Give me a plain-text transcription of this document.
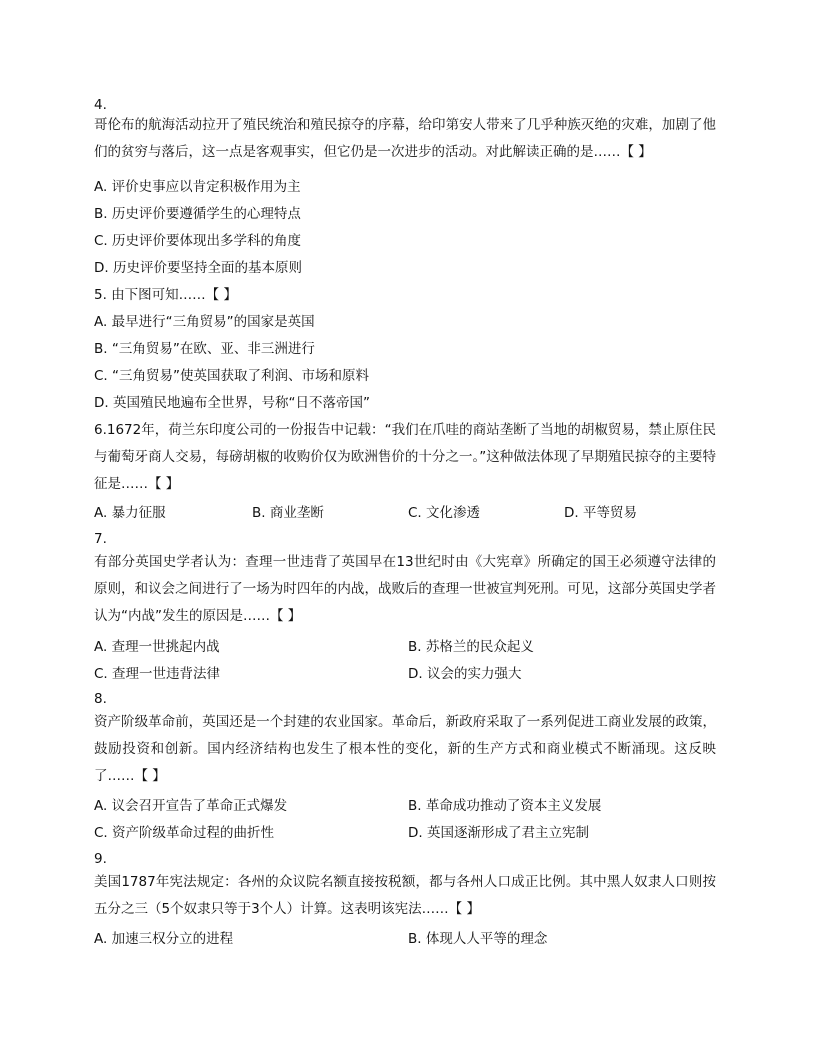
4.
哥伦布的航海活动拉开了殖民统治和殖民掠夺的序幕，给印第安人带来了几乎种族灭绝的灾难，加剧了他们的贫穷与落后，这一点是客观事实，但它仍是一次进步的活动。对此解读正确的是……【 】
A. 评价史事应以肯定积极作用为主
B. 历史评价要遵循学生的心理特点
C. 历史评价要体现出多学科的角度
D. 历史评价要坚持全面的基本原则
5. 由下图可知……【 】
A. 最早进行“三角贸易”的国家是英国
B. “三角贸易”在欧、亚、非三洲进行
C. “三角贸易”使英国获取了利润、市场和原料
D. 英国殖民地遍布全世界，号称“日不落帝国”
6.1672年，荷兰东印度公司的一份报告中记载：“我们在爪哇的商站垄断了当地的胡椒贸易，禁止原住民与葡萄牙商人交易，每磅胡椒的收购价仅为欧洲售价的十分之一。”这种做法体现了早期殖民掠夺的主要特征是……【 】
A. 暴力征服	B. 商业垄断	C. 文化渗透	D. 平等贸易
7.
有部分英国史学者认为：查理一世违背了英国早在13世纪时由《大宪章》所确定的国王必须遵守法律的原则，和议会之间进行了一场为时四年的内战，战败后的查理一世被宣判死刑。可见，这部分英国史学者认为“内战”发生的原因是……【 】
A. 查理一世挑起内战	B. 苏格兰的民众起义
C. 查理一世违背法律	D. 议会的实力强大
8.
资产阶级革命前，英国还是一个封建的农业国家。革命后，新政府采取了一系列促进工商业发展的政策，鼓励投资和创新。国内经济结构也发生了根本性的变化，新的生产方式和商业模式不断涌现。这反映了……【 】
A. 议会召开宣告了革命正式爆发	B. 革命成功推动了资本主义发展
C. 资产阶级革命过程的曲折性	D. 英国逐渐形成了君主立宪制
9.
美国1787年宪法规定：各州的众议院名额直接按税额，都与各州人口成正比例。其中黑人奴隶人口则按五分之三（5个奴隶只等于3个人）计算。这表明该宪法……【 】
A. 加速三权分立的进程	B. 体现人人平等的理念
